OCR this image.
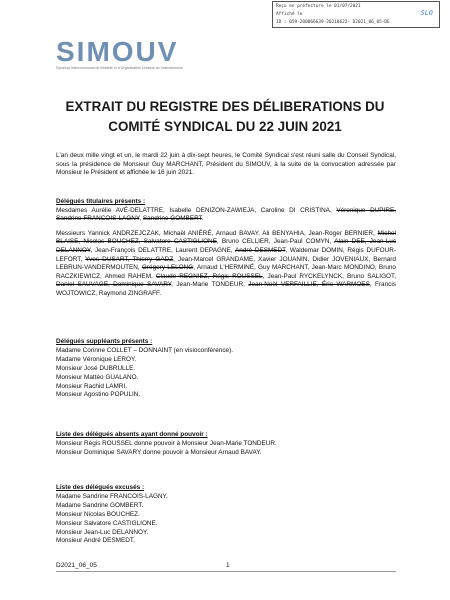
Reçu en préfecture le 01/07/2021
Affiché le
ID : 059-200066639-20210622- D2021_06_05-DE
SLO
SIMOUV
Syndicat Intercommunal de Mobilité et d'Organisation Urbaine du Valenciennois
EXTRAIT DU REGISTRE DES DÉLIBERATIONS DU
COMITÉ SYNDICAL DU 22 JUIN 2021
L'an deux mille vingt et un, le mardi 22 juin à dix-sept heures, le Comité Syndical s'est réuni salle du Conseil Syndical, sous la présidence de Monsieur Guy MARCHANT, Président du SIMOUV, à la suite de la convocation adressée par Monsieur le Président et affichée le 16 juin 2021.
Délégués titulaires présents :
Mesdames Aurélie AVÉ-DELATTRE, Isabelle DENIZON-ZAWIEJA, Caroline DI CRISTINA, Véronique DUPIRE, Sandrine FRANCOIS-LAGNY, Sandrine GOMBERT.
Messieurs Yannick ANDRZEJCZAK, Michaël ANIÉRÉ, Arnaud BAVAY, Ali BENYAHIA, Jean-Roger BERNIER, Michel BLAISE, Nicolas BOUCHEZ, Salvatore CASTIGLIONE, Bruno CELLIER, Jean-Paul COMYN, Alain DEE, Jean-Luc DELANNOY, Jean-François DELATTRE, Laurent DEPAGNE, André DESMEDT, Waldemar DOMIN, Régis DUFOUR-LEFORT, Yves DUSART, Thierry GADZ, Jean-Marcel GRANDAME, Xavier JOUANIN, Didier JOVENIAUX, Bernard LEBRUN-VANDERMOUTEN, Grégory LELONG, Arnaud L'HERMINÉ, Guy MARCHANT, Jean-Marc MONDINO, Bruno RACZKIEWICZ, Ahmed RAHEM, Claude REGNIEZ, Régis ROUSSEL, Jean-Paul RYCKELYNCK, Bruno SALIGOT, Daniel SAUVAGE, Dominique SAVARY, Jean-Marie TONDEUR, Jean-Noël VERFAILLIE, Éric WARMOES, Francis WOJTOWICZ, Raymond ZINGRAFF.
Délégués suppléants présents :
Madame Corinne COLLET – DONNAINT (en visioconférence).
Madame Véronique LEROY.
Monsieur José DUBRULLE.
Monsieur Mattéo GUALANO.
Monsieur Rachid LAMRI.
Monsieur Agostino POPULIN.
Liste des délégués absents ayant donné pouvoir :
Monsieur Régis ROUSSEL donne pouvoir à Monsieur Jean-Marie TONDEUR.
Monsieur Dominique SAVARY donne pouvoir à Monsieur Arnaud BAVAY.
Liste des délégués excusés :
Madame Sandrine FRANCOIS-LAGNY.
Madame Sandrine GOMBERT.
Monsieur Nicolas BOUCHEZ.
Monsieur Salvatore CASTIGLIONE.
Monsieur Jean-Luc DELANNOY.
Monsieur André DESMEDT.
D2021_06_05	1
